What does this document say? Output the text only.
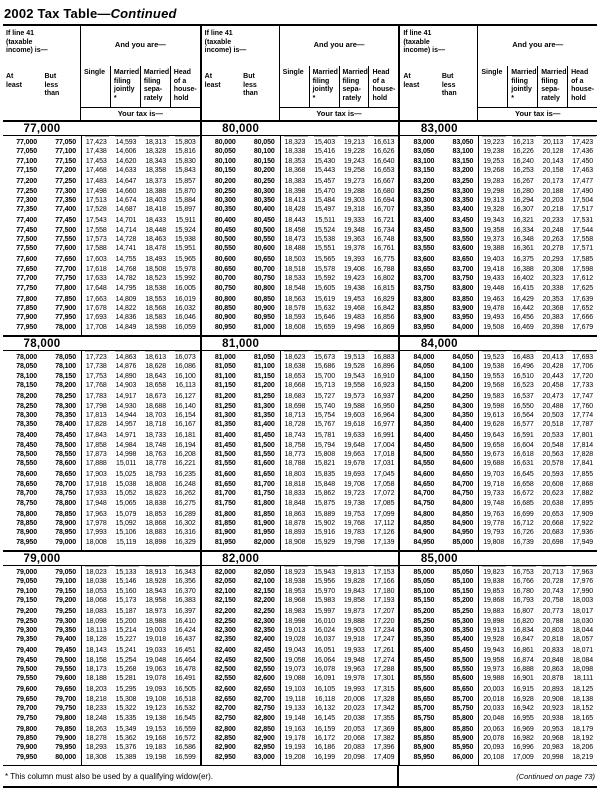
2002 Tax Table—Continued
If line 41 (taxable income) is—
At least
But less than
And you are—
Single	Married filing jointly *
Married filing sepa- rately
Head of a house- hold
Your tax is—
77,000
77,000	77,050	17,423	14,593	18,313	15,803
77,050	77,100	17,438	14,606	18,328	15,816
77,100	77,150	17,453	14,620	18,343	15,830
77,150	77,200	17,468	14,633	18,358	15,843
77,200	77,250	17,483	14,647	18,373	15,857
77,250	77,300	17,498	14,660	18,388	15,870
77,300	77,350	17,513	14,674	18,403	15,884
77,350	77,400	17,528	14,687	18,418	15,897
77,400	77,450	17,543	14,701	18,433	15,911
77,450	77,500	17,558	14,714	18,448	15,924
77,500	77,550	17,573	14,728	18,463	15,938
77,550	77,600	17,588	14,741	18,478	15,951
77,600	77,650	17,603	14,755	18,493	15,965
77,650	77,700	17,618	14,768	18,508	15,978
77,700	77,750	17,633	14,782	18,523	15,992
77,750	77,800	17,648	14,795	18,538	16,005
77,800	77,850	17,663	14,809	18,553	16,019
77,850	77,900	17,678	14,822	18,568	16,032
77,900	77,950	17,693	14,836	18,583	16,046
77,950	78,000	17,708	14,849	18,598	16,059
78,000
78,000	78,050	17,723	14,863	18,613	16,073
78,050	78,100	17,738	14,876	18,628	16,086
78,100	78,150	17,753	14,890	18,643	16,100
78,150	78,200	17,768	14,903	18,658	16,113
78,200	78,250	17,783	14,917	18,673	16,127
78,250	78,300	17,798	14,930	18,688	16,140
78,300	78,350	17,813	14,944	18,703	16,154
78,350	78,400	17,828	14,957	18,718	16,167
78,400	78,450	17,843	14,971	18,733	16,181
78,450	78,500	17,858	14,984	18,748	16,194
78,500	78,550	17,873	14,998	18,763	16,208
78,550	78,600	17,888	15,011	18,778	16,221
78,600	78,650	17,903	15,025	18,793	16,235
78,650	78,700	17,918	15,038	18,808	16,248
78,700	78,750	17,933	15,052	18,823	16,262
78,750	78,800	17,948	15,065	18,838	16,275
78,800	78,850	17,963	15,079	18,853	16,289
78,850	78,900	17,978	15,092	18,868	16,302
78,900	78,950	17,993	15,106	18,883	16,316
78,950	79,000	18,008	15,119	18,898	16,329
79,000
79,000	79,050	18,023	15,133	18,913	16,343
79,050	79,100	18,038	15,146	18,928	16,356
79,100	79,150	18,053	15,160	18,943	16,370
79,150	79,200	18,068	15,173	18,958	16,383
79,200	79,250	18,083	15,187	18,973	16,397
79,250	79,300	18,098	15,200	18,988	16,410
79,300	79,350	18,113	15,214	19,003	16,424
79,350	79,400	18,128	15,227	19,018	16,437
79,400	79,450	18,143	15,241	19,033	16,451
79,450	79,500	18,158	15,254	19,048	16,464
79,500	79,550	18,173	15,268	19,063	16,478
79,550	79,600	18,188	15,281	19,078	16,491
79,600	79,650	18,203	15,295	19,093	16,505
79,650	79,700	18,218	15,308	19,108	16,518
79,700	79,750	18,233	15,322	19,123	16,532
79,750	79,800	18,248	15,335	19,138	16,545
79,800	79,850	18,263	15,349	19,153	16,559
79,850	79,900	18,278	15,362	19,168	16,572
79,900	79,950	18,293	15,376	19,183	16,586
79,950	80,000	18,308	15,389	19,198	16,599
If line 41 (taxable income) is—
At least
But less than
And you are—
Single	Married filing jointly *
Married filing sepa- rately
Head of a house- hold
Your tax is—
80,000
80,000	80,050	18,323	15,403	19,213	16,613
80,050	80,100	18,338	15,416	19,228	16,626
80,100	80,150	18,353	15,430	19,243	16,640
80,150	80,200	18,368	15,443	19,258	16,653
80,200	80,250	18,383	15,457	19,273	16,667
80,250	80,300	18,398	15,470	19,288	16,680
80,300	80,350	18,413	15,484	19,303	16,694
80,350	80,400	18,428	15,497	19,318	16,707
80,400	80,450	18,443	15,511	19,333	16,721
80,450	80,500	18,458	15,524	19,348	16,734
80,500	80,550	18,473	15,538	19,363	16,748
80,550	80,600	18,488	15,551	19,378	16,761
80,600	80,650	18,503	15,565	19,393	16,775
80,650	80,700	18,518	15,578	19,408	16,788
80,700	80,750	18,533	15,592	19,423	16,802
80,750	80,800	18,548	15,605	19,438	16,815
80,800	80,850	18,563	15,619	19,453	16,829
80,850	80,900	18,578	15,632	19,468	16,842
80,900	80,950	18,593	15,646	19,483	16,856
80,950	81,000	18,608	15,659	19,498	16,869
81,000
81,000	81,050	18,623	15,673	19,513	16,883
81,050	81,100	18,638	15,686	19,528	16,896
81,100	81,150	18,653	15,700	19,543	16,910
81,150	81,200	18,668	15,713	19,558	16,923
81,200	81,250	18,683	15,727	19,573	16,937
81,250	81,300	18,698	15,740	19,588	16,950
81,300	81,350	18,713	15,754	19,603	16,964
81,350	81,400	18,728	15,767	19,618	16,977
81,400	81,450	18,743	15,781	19,633	16,991
81,450	81,500	18,758	15,794	19,648	17,004
81,500	81,550	18,773	15,808	19,663	17,018
81,550	81,600	18,788	15,821	19,678	17,031
81,600	81,650	18,803	15,835	19,693	17,045
81,650	81,700	18,818	15,848	19,708	17,058
81,700	81,750	18,833	15,862	19,723	17,072
81,750	81,800	18,848	15,875	19,738	17,085
81,800	81,850	18,863	15,889	19,753	17,099
81,850	81,900	18,878	15,902	19,768	17,112
81,900	81,950	18,893	15,916	19,783	17,126
81,950	82,000	18,908	15,929	19,798	17,139
82,000
82,000	82,050	18,923	15,943	19,813	17,153
82,050	82,100	18,938	15,956	19,828	17,166
82,100	82,150	18,953	15,970	19,843	17,180
82,150	82,200	18,968	15,983	19,858	17,193
82,200	82,250	18,983	15,997	19,873	17,207
82,250	82,300	18,998	16,010	19,888	17,220
82,300	82,350	19,013	16,024	19,903	17,234
82,350	82,400	19,028	16,037	19,918	17,247
82,400	82,450	19,043	16,051	19,933	17,261
82,450	82,500	19,058	16,064	19,948	17,274
82,500	82,550	19,073	16,078	19,963	17,288
82,550	82,600	19,088	16,091	19,978	17,301
82,600	82,650	19,103	16,105	19,993	17,315
82,650	82,700	19,118	16,118	20,008	17,328
82,700	82,750	19,133	16,132	20,023	17,342
82,750	82,800	19,148	16,145	20,038	17,355
82,800	82,850	19,163	16,159	20,053	17,369
82,850	82,900	19,178	16,172	20,068	17,382
82,900	82,950	19,193	16,186	20,083	17,396
82,950	83,000	19,208	16,199	20,098	17,409
If line 41 (taxable income) is—
At least
But less than
And you are—
Single	Married filing jointly *
Married filing sepa- rately
Head of a house- hold
Your tax is—
83,000
83,000	83,050	19,223	16,213	20,113	17,423
83,050	83,100	19,238	16,226	20,128	17,436
83,100	83,150	19,253	16,240	20,143	17,450
83,150	83,200	19,268	16,253	20,158	17,463
83,200	83,250	19,283	16,267	20,173	17,477
83,250	83,300	19,298	16,280	20,188	17,490
83,300	83,350	19,313	16,294	20,203	17,504
83,350	83,400	19,328	16,307	20,218	17,517
83,400	83,450	19,343	16,321	20,233	17,531
83,450	83,500	19,358	16,334	20,248	17,544
83,500	83,550	19,373	16,348	20,263	17,558
83,550	83,600	19,388	16,361	20,278	17,571
83,600	83,650	19,403	16,375	20,293	17,585
83,650	83,700	19,418	16,388	20,308	17,598
83,700	83,750	19,433	16,402	20,323	17,612
83,750	83,800	19,448	16,415	20,338	17,625
83,800	83,850	19,463	16,429	20,353	17,639
83,850	83,900	19,478	16,442	20,368	17,652
83,900	83,950	19,493	16,456	20,383	17,666
83,950	84,000	19,508	16,469	20,398	17,679
84,000
84,000	84,050	19,523	16,483	20,413	17,693
84,050	84,100	19,538	16,496	20,428	17,706
84,100	84,150	19,553	16,510	20,443	17,720
84,150	84,200	19,568	16,523	20,458	17,733
84,200	84,250	19,583	16,537	20,473	17,747
84,250	84,300	19,598	16,550	20,488	17,760
84,300	84,350	19,613	16,564	20,503	17,774
84,350	84,400	19,628	16,577	20,518	17,787
84,400	84,450	19,643	16,591	20,533	17,801
84,450	84,500	19,658	16,604	20,548	17,814
84,500	84,550	19,673	16,618	20,563	17,828
84,550	84,600	19,688	16,631	20,578	17,841
84,600	84,650	19,703	16,645	20,593	17,855
84,650	84,700	19,718	16,658	20,608	17,868
84,700	84,750	19,733	16,672	20,623	17,882
84,750	84,800	19,748	16,685	20,638	17,895
84,800	84,850	19,763	16,699	20,653	17,909
84,850	84,900	19,778	16,712	20,668	17,922
84,900	84,950	19,793	16,726	20,683	17,936
84,950	85,000	19,808	16,739	20,698	17,949
85,000
85,000	85,050	19,823	16,753	20,713	17,963
85,050	85,100	19,838	16,766	20,728	17,976
85,100	85,150	19,853	16,780	20,743	17,990
85,150	85,200	19,868	16,793	20,758	18,003
85,200	85,250	19,883	16,807	20,773	18,017
85,250	85,300	19,898	16,820	20,788	18,030
85,300	85,350	19,913	16,834	20,803	18,044
85,350	85,400	19,928	16,847	20,818	18,057
85,400	85,450	19,943	16,861	20,833	18,071
85,450	85,500	19,958	16,874	20,848	18,084
85,500	85,550	19,973	16,888	20,863	18,098
85,550	85,600	19,988	16,901	20,878	18,111
85,600	85,650	20,003	16,915	20,893	18,125
85,650	85,700	20,018	16,928	20,908	18,138
85,700	85,750	20,033	16,942	20,923	18,152
85,750	85,800	20,048	16,955	20,938	18,165
85,800	85,850	20,063	16,969	20,953	18,179
85,850	85,900	20,078	16,982	20,968	18,192
85,900	85,950	20,093	16,996	20,983	18,206
85,950	86,000	20,108	17,009	20,998	18,219
* This column must also be used by a qualifying widow(er).	(Continued on page 73)
